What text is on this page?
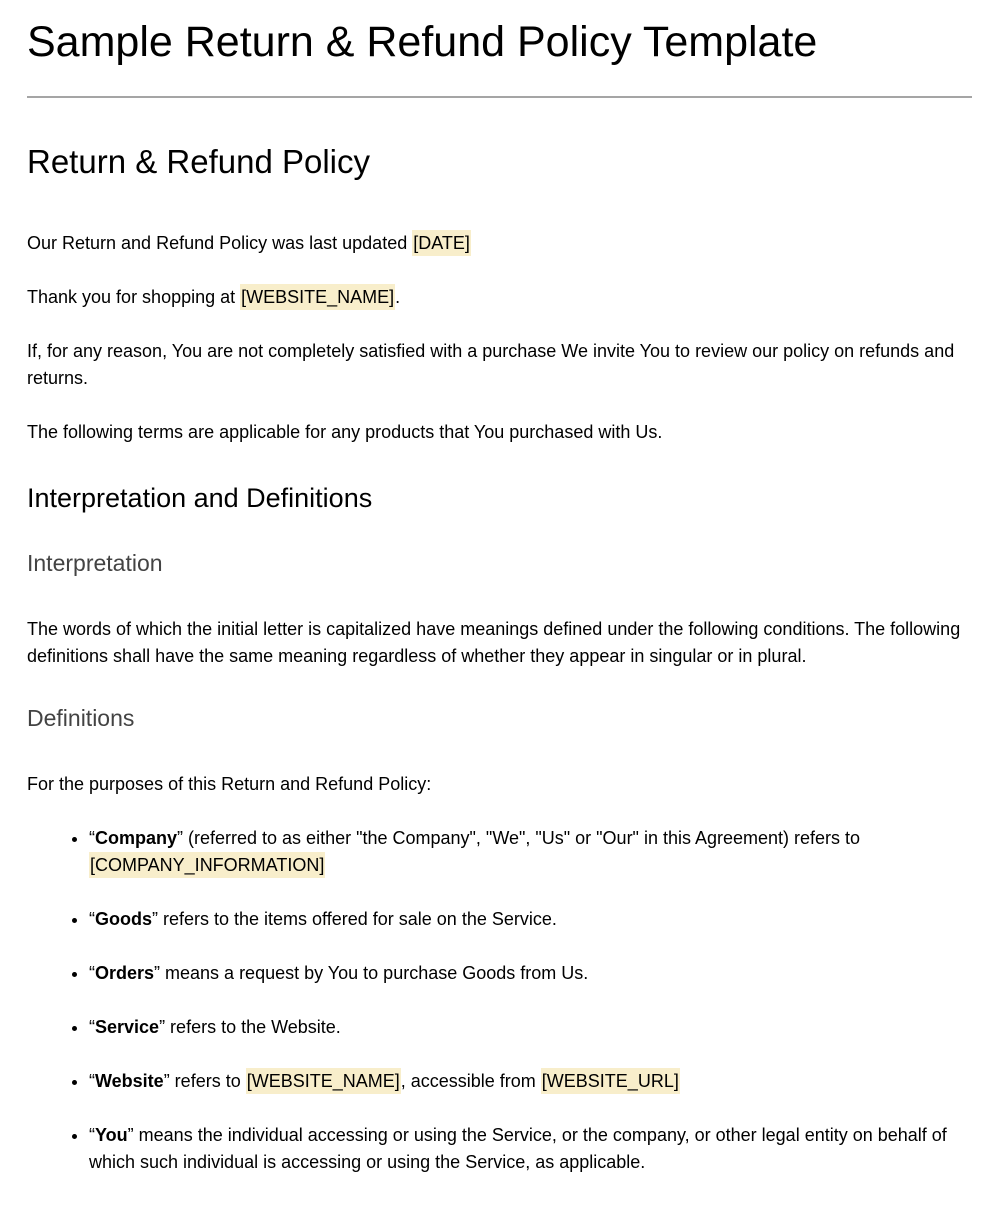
Sample Return & Refund Policy Template
Return & Refund Policy

Our Return and Refund Policy was last updated [DATE]

Thank you for shopping at [WEBSITE_NAME].

If, for any reason, You are not completely satisfied with a purchase We invite You to review our policy on refunds and returns.

The following terms are applicable for any products that You purchased with Us.

Interpretation and Definitions
Interpretation

The words of which the initial letter is capitalized have meanings defined under the following conditions. The following definitions shall have the same meaning regardless of whether they appear in singular or in plural.

Definitions

For the purposes of this Return and Refund Policy:

• “Company” (referred to as either "the Company", "We", "Us" or "Our" in this Agreement) refers to [COMPANY_INFORMATION]
• “Goods” refers to the items offered for sale on the Service.
• “Orders” means a request by You to purchase Goods from Us.
• “Service” refers to the Website.
• “Website” refers to [WEBSITE_NAME], accessible from [WEBSITE_URL]
• “You” means the individual accessing or using the Service, or the company, or other legal entity on behalf of which such individual is accessing or using the Service, as applicable.
